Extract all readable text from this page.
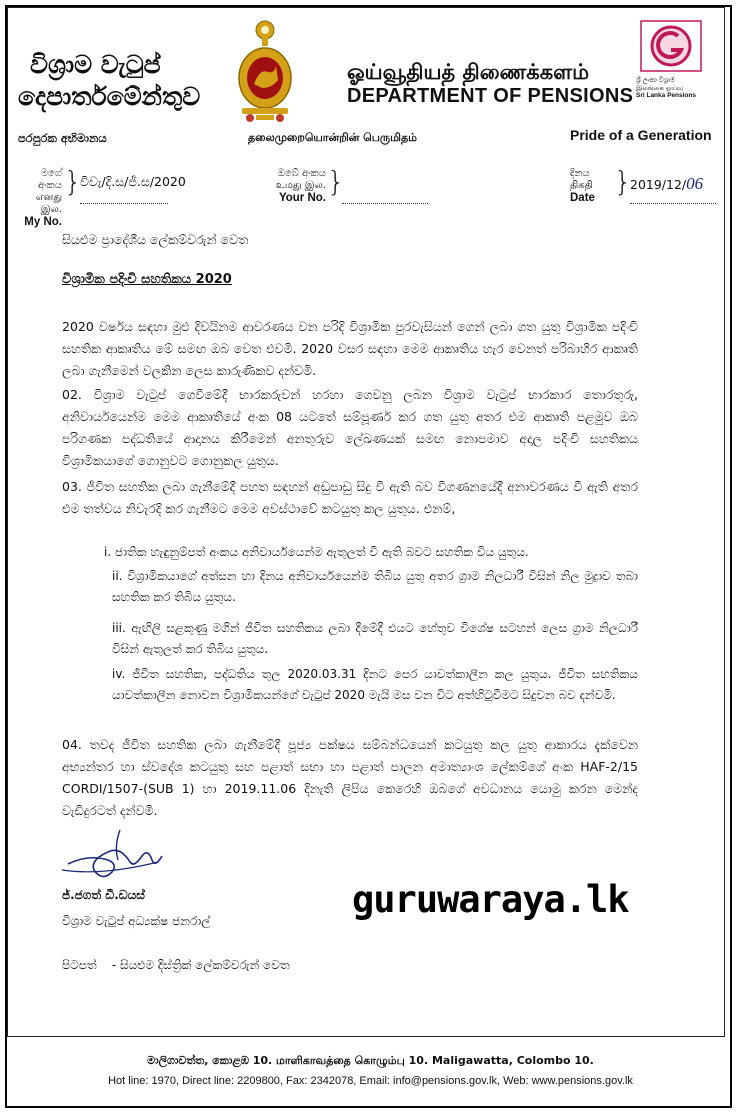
විශ්‍රාම වැටුප්
දෙපාර්තමේන්තුව
ஓய்வூதியத் திணைக்களம்
DEPARTMENT OF PENSIONS
ශ්‍රී ලංකා විශ්‍රාම
இலங்கை ஓய்வு
Sri Lanka Pensions
පරපුරක අභිමානය	தலைமுறையொன்றின் பெருமிதம்	Pride of a Generation
මගේ අංකය
எனது இல.
My No.
}
විවැ/දි.ස/ජී.ස/2020
ඔබේ අංකය
உமது இல.
Your No. }	දිනය
திகதி
Date }
2019/12/06
සියළුම ප්‍රාදේශීය ලේකම්වරුන් වෙත
විශ්‍රාමික පදිංචි සහතිකය 2020
2020 වර්ෂය සඳහා මුළු දිවයිනම ආවරණය වන පරිදි විශ්‍රාමික පුරවැසියන් ගෙන් ලබා ගත යුතු විශ්‍රාමික පදිංචි සහතික ආකෘතිය මේ සමඟ ඔබ වෙත එවමි. 2020 වසර සඳහා මෙම ආකෘතිය හැර වෙනත් පරිබාහිර ආකෘති ලබා ගැනීමෙන් වලකින ලෙස කාරුණිකව දන්වමි.
02. විශ්‍රාම වැටුප් ගෙවීමේදී භාරකරුවන් හරහා ගෙවනු ලබන විශ්‍රාම වැටුප් භාරකාර තොරතුරු, අනිවාර්යයෙන්ම මෙම ආකෘතියේ අංක 08 යටතේ සම්පූර්ණ කර ගත යුතු අතර එම ආකෘති පළමුව ඔබ පරිගණක පද්ධතියේ ආදානය කිරීමෙන් අනතුරුව ලේඛණයක් සමඟ නොපමාව අදාල පදිංචි සහතිකය විශ්‍රාමිකයාගේ ගොනුවට ගොනුකල යුතුය.
03. ජීවිත සහතික ලබා ගැනීමේදී පහත සඳහන් අඩුපාඩු සිදු වී ඇති බව විගණනයේදී අනාවරණය වී ඇති අතර එම තත්වය නිවැරදි කර ගැනීමට මෙම අවස්ථාවේ කටයුතු කල යුතුය. එනම්,
i. ජාතික හැඳුනුම්පත් අංකය අනිවාර්යයෙන්ම ඇතුලත් වී ඇති බවට සහතික විය යුතුය.
ii. විශ්‍රාමිකයාගේ අත්සන හා දිනය අනිවාර්යයෙන්ම තිබිය යුතු අතර ග්‍රාම නිලධාරී විසින් නිල මුද්‍රාව තබා සහතික කර තිබිය යුතුය.
iii. ඇඟිලි සළකුණු මගින් ජීවිත සහතිකය ලබා දීමේදී එයට හේතුව විශේෂ සටහන් ලෙස ග්‍රාම නිලධාරී විසින් ඇතුලත් කර තිබිය යුතුය.
iv. ජීවිත සහතික, පද්ධතිය තුල 2020.03.31 දිනට පෙර යාවත්කාලීන කල යුතුය. ජීවිත සහතිකය යාවත්කාලීන නොවන විශ්‍රාමිකයන්ගේ වැටුප් 2020 මැයි මස වන විට අත්හිටුවීමට සිදුවන බව දන්වමි.
04. තවද ජීවිත සහතික ලබා ගැනීමේදී පූජ්‍ය පක්ෂය සම්බන්ධයෙන් කටයුතු කල යුතු ආකාරය දැක්වෙන අභ්‍යන්තර හා ස්වදේශ කටයුතු සහ පළාත් සභා හා පළාත් පාලන අමාත්‍යාංශ ලේකම්ගේ අංක HAF-2/15 CORDI/1507-(SUB 1) හා 2019.11.06 දිනැති ලිපිය කෙරෙහි ඔබගේ අවධානය යොමු කරන මෙන්ද වැඩිදුරටත් දන්වමි.
ජ්.ජගත් ඩී.ඩයස්
විශ්‍රාම වැටුප් අධ්‍යක්ෂ ජනරාල්	guruwaraya.lk
පිටපත් - සියළුම දිස්ත්‍රික් ලේකම්වරුන් වෙත
මාලිගාවත්ත, කොළඹ 10. மாளிகாவத்தை கொழும்பு 10. Maligawatta, Colombo 10.
Hot line: 1970, Direct line: 2209800, Fax: 2342078, Email: info@pensions.gov.lk, Web: www.pensions.gov.lk
